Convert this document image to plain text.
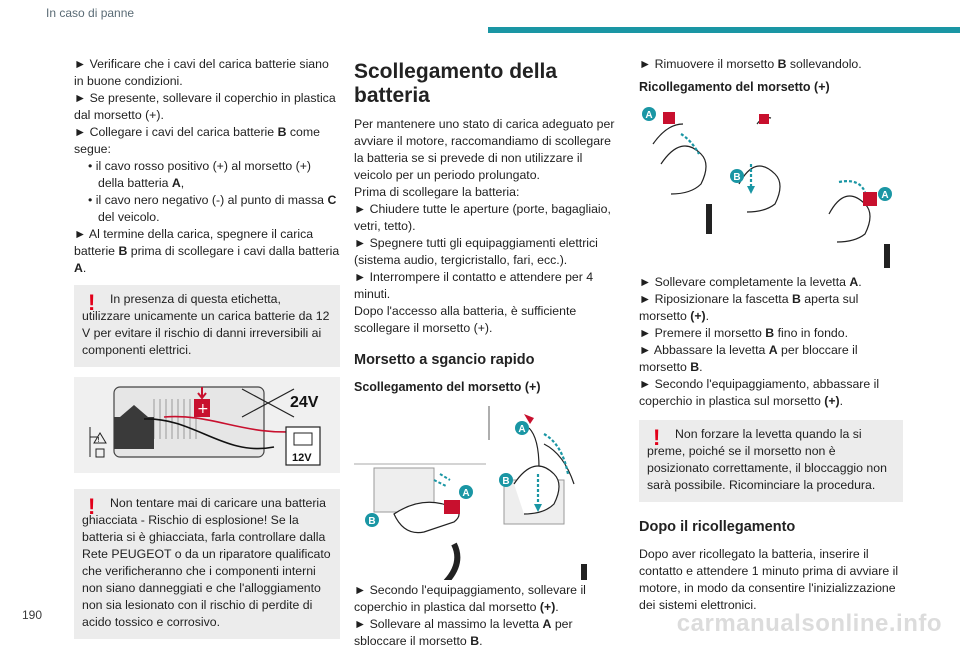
In caso di panne

► Verificare che i cavi del carica batterie siano in buone condizioni.

► Se presente, sollevare il coperchio in plastica dal morsetto (+).

► Collegare i cavi del carica batterie B come segue:

• il cavo rosso positivo (+) al morsetto (+) della batteria A,

• il cavo nero negativo (-) al punto di massa C del veicolo.

► Al termine della carica, spegnere il carica batterie B prima di scollegare i cavi dalla batteria A.

!	In presenza di questa etichetta, utilizzare unicamente un carica batterie da 12 V per evitare il rischio di danni irreversibili ai componenti elettrici.

!
+	24V
12V
!	Non tentare mai di caricare una batteria ghiacciata - Rischio di esplosione! Se la batteria si è ghiacciata, farla controllare dalla Rete PEUGEOT o da un riparatore qualificato che verificheranno che i componenti interni non siano danneggiati e che l'alloggiamento non sia lesionato con il rischio di perdite di acido tossico e corrosivo.

Scollegamento della batteria

Per mantenere uno stato di carica adeguato per avviare il motore, raccomandiamo di scollegare la batteria se si prevede di non utilizzare il veicolo per un periodo prolungato.

Prima di scollegare la batteria:

► Chiudere tutte le aperture (porte, bagagliaio, vetri, tetto).

► Spegnere tutti gli equipaggiamenti elettrici (sistema audio, tergicristallo, fari, ecc.).

► Interrompere il contatto e attendere per 4 minuti.

Dopo l'accesso alla batteria, è sufficiente scollegare il morsetto (+).

Morsetto a sgancio rapido
Scollegamento del morsetto (+)
A
A
B
B

► Secondo l'equipaggiamento, sollevare il coperchio in plastica dal morsetto (+).

► Sollevare al massimo la levetta A per sbloccare il morsetto B.

► Rimuovere il morsetto B sollevandolo.

Ricollegamento del morsetto (+)
A
B
A

► Sollevare completamente la levetta A.

► Riposizionare la fascetta B aperta sul morsetto (+).

► Premere il morsetto B fino in fondo.

► Abbassare la levetta A per bloccare il morsetto B.

► Secondo l'equipaggiamento, abbassare il coperchio in plastica sul morsetto (+).

!	Non forzare la levetta quando la si preme, poiché se il morsetto non è posizionato correttamente, il bloccaggio non sarà possibile. Ricominciare la procedura.

Dopo il ricollegamento

Dopo aver ricollegato la batteria, inserire il contatto e attendere 1 minuto prima di avviare il motore, in modo da consentire l'inizializzazione dei sistemi elettronici.

190	carmanualsonline.info
